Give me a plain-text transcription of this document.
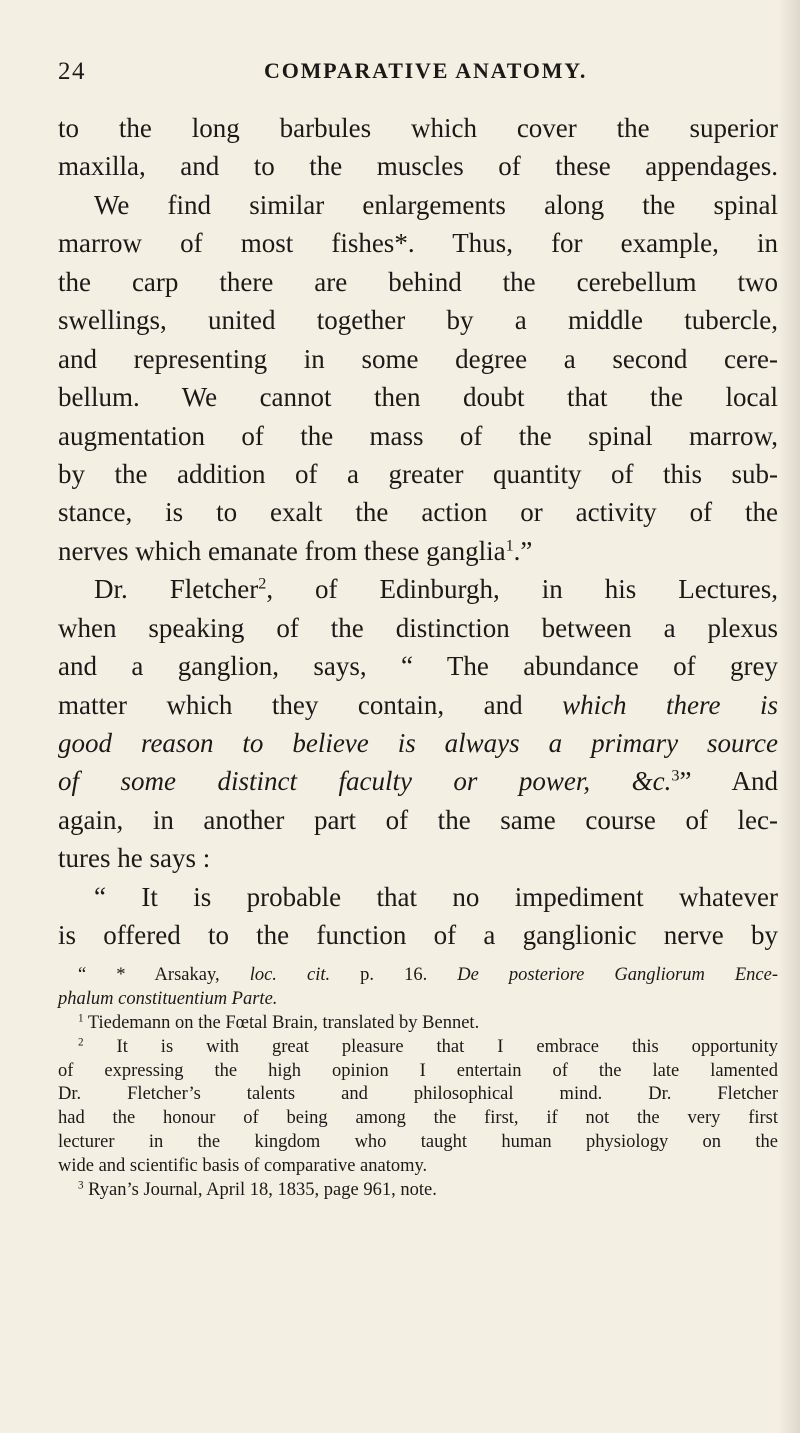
24	COMPARATIVE ANATOMY.
to the long barbules which cover the superior
maxilla, and to the muscles of these appendages.
We find similar enlargements along the spinal
marrow of most fishes*. Thus, for example, in
the carp there are behind the cerebellum two
swellings, united together by a middle tubercle,
and representing in some degree a second cere-
bellum. We cannot then doubt that the local
augmentation of the mass of the spinal marrow,
by the addition of a greater quantity of this sub-
stance, is to exalt the action or activity of the
nerves which emanate from these ganglia$^1$.”
Dr. Fletcher$^2$, of Edinburgh, in his Lectures,
when speaking of the distinction between a plexus
and a ganglion, says, “ The abundance of grey
matter which they contain, and which there is
good reason to believe is always a primary source
of some distinct faculty or power, &c.$^3$” And
again, in another part of the same course of lec-
tures he says :
“ It is probable that no impediment whatever
is offered to the function of a ganglionic nerve by
“ * Arsakay, loc. cit. p. 16. De posteriore Gangliorum Ence-
phalum constituentium Parte.
$^1$ Tiedemann on the Fœtal Brain, translated by Bennet.
$^2$ It is with great pleasure that I embrace this opportunity
of expressing the high opinion I entertain of the late lamented
Dr. Fletcher’s talents and philosophical mind. Dr. Fletcher
had the honour of being among the first, if not the very first
lecturer in the kingdom who taught human physiology on the
wide and scientific basis of comparative anatomy.
$^3$ Ryan’s Journal, April 18, 1835, page 961, note.
